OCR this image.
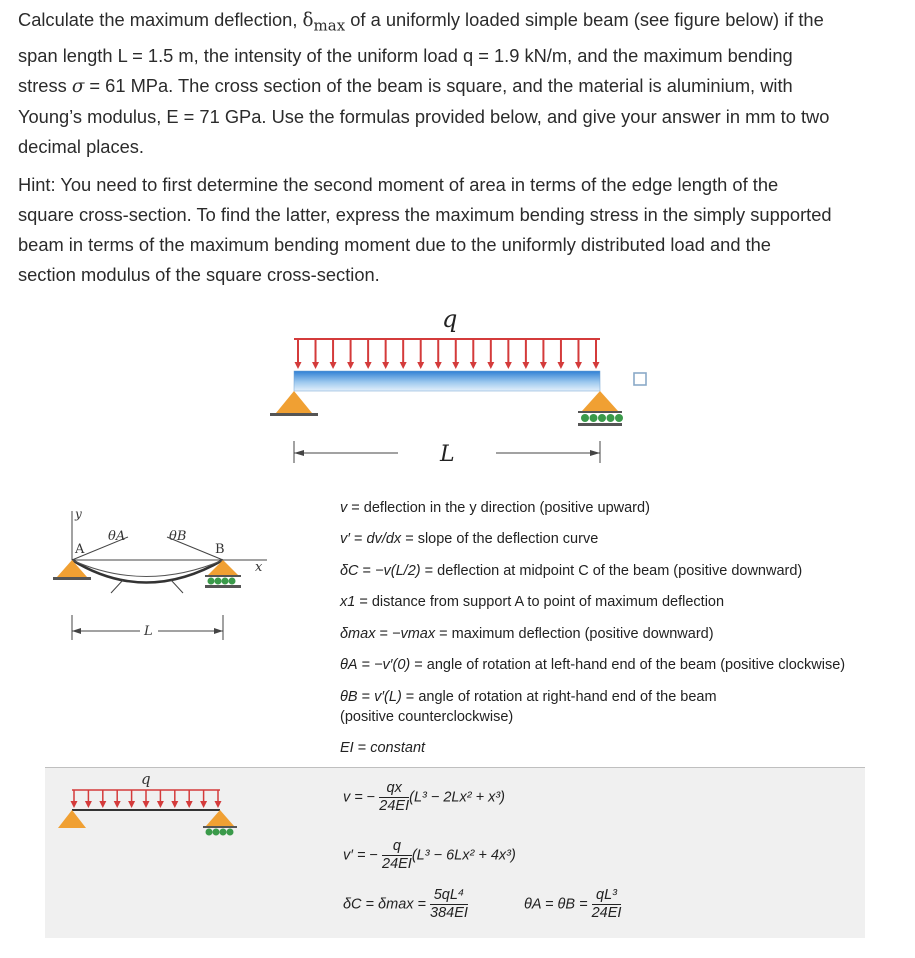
Calculate the maximum deflection, $\delta_{max}$ of a uniformly loaded simple beam (see figure below) if the
span length L = 1.5 m, the intensity of the uniform load q = 1.9 kN/m, and the maximum bending
stress σ = 61 MPa. The cross section of the beam is square, and the material is aluminium, with
Young’s modulus, E = 71 GPa. Use the formulas provided below, and give your answer in mm to two
decimal places.
Hint: You need to first determine the second moment of area in terms of the edge length of the
square cross-section. To find the latter, express the maximum bending stress in the simply supported
beam in terms of the maximum bending moment due to the uniformly distributed load and the
section modulus of the square cross-section.
q
L
y
x
A	B
θA	θB
L
v = deflection in the y direction (positive upward)
v′ = dv/dx = slope of the deflection curve
δC = −v(L/2) = deflection at midpoint C of the beam (positive downward)
x1 = distance from support A to point of maximum deflection
δmax = −vmax = maximum deflection (positive downward)
θA = −v′(0) = angle of rotation at left-hand end of the beam (positive clockwise)
θB = v′(L) = angle of rotation at right-hand end of the beam
(positive counterclockwise)
EI = constant
q
v = − $\frac{qx}{24EI} (L^3 - 2Lx^2 + x^3)$
v′ = − $\frac{q}{24EI} (L^3 - 6Lx^2 + 4x^3)$
$\delta C = \delta\max = \frac{\text{5qL⁴}}{384EI}$	$\theta A = \theta B = \frac{\text{qL³}}{24EI}$
